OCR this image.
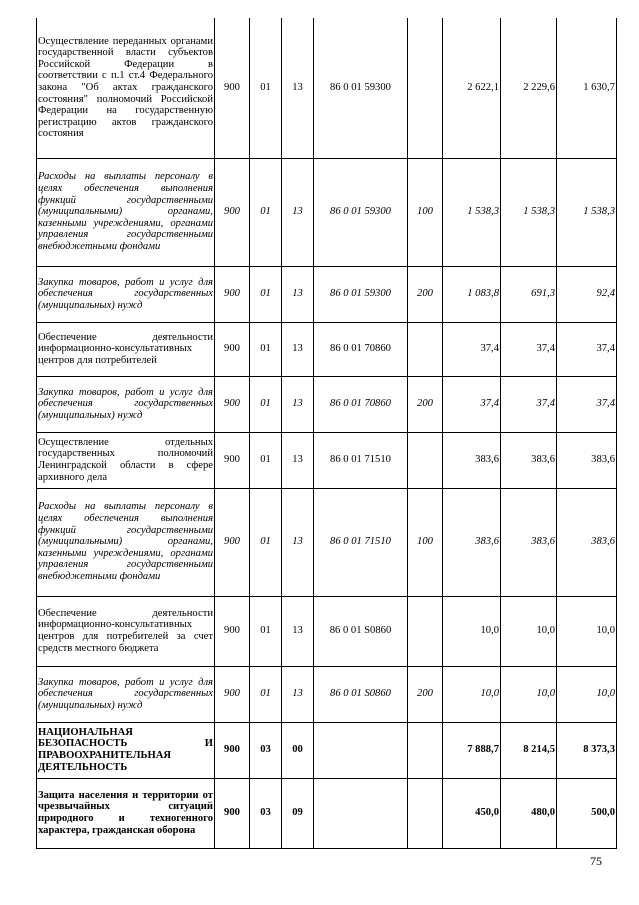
Осуществление переданных органами государственной власти субъектов Российской Федерации в соответствии с п.1 ст.4 Федерального закона "Об актах гражданского состояния" полномочий Российской Федерации на государственную регистрацию актов гражданского состояния	900	01	13	86 0 01 59300		2 622,1	2 229,6	1 630,7
Расходы на выплаты персоналу в целях обеспечения выполнения функций государственными (муниципальными) органами, казенными учреждениями, органами управления государственными внебюджетными фондами	900	01	13	86 0 01 59300	100	1 538,3	1 538,3	1 538,3
Закупка товаров, работ и услуг для обеспечения государственных (муниципальных) нужд	900	01	13	86 0 01 59300	200	1 083,8	691,3	92,4
Обеспечение деятельности информационно-консультативных центров для потребителей	900	01	13	86 0 01 70860		37,4	37,4	37,4
Закупка товаров, работ и услуг для обеспечения государственных (муниципальных) нужд	900	01	13	86 0 01 70860	200	37,4	37,4	37,4
Осуществление отдельных государственных полномочий Ленинградской области в сфере архивного дела	900	01	13	86 0 01 71510		383,6	383,6	383,6
Расходы на выплаты персоналу в целях обеспечения выполнения функций государственными (муниципальными) органами, казенными учреждениями, органами управления государственными внебюджетными фондами	900	01	13	86 0 01 71510	100	383,6	383,6	383,6
Обеспечение деятельности информационно-консультативных центров для потребителей за счет средств местного бюджета	900	01	13	86 0 01 S0860		10,0	10,0	10,0
Закупка товаров, работ и услуг для обеспечения государственных (муниципальных) нужд	900	01	13	86 0 01 S0860	200	10,0	10,0	10,0
НАЦИОНАЛЬНАЯ БЕЗОПАСНОСТЬ И ПРАВООХРАНИТЕЛЬНАЯ ДЕЯТЕЛЬНОСТЬ	900	03	00			7 888,7	8 214,5	8 373,3
Защита населения и территории от чрезвычайных ситуаций природного и техногенного характера, гражданская оборона	900	03	09			450,0	480,0	500,0
75
